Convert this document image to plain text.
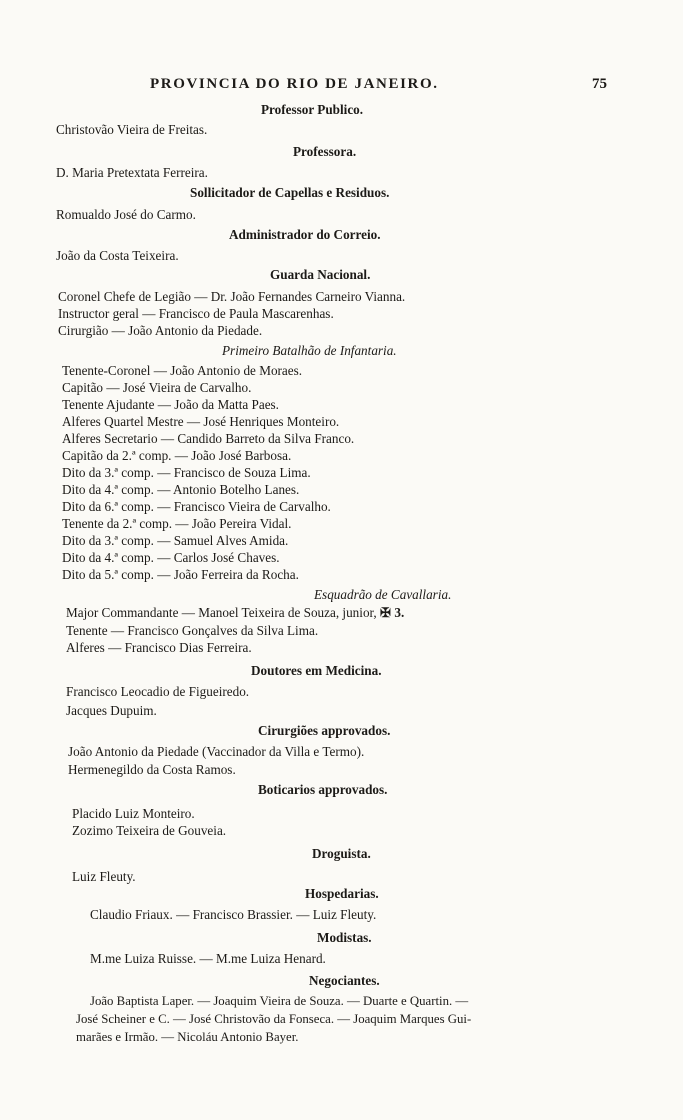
PROVINCIA DO RIO DE JANEIRO.	75
Professor Publico.
Christovão Vieira de Freitas.
Professora.
D. Maria Pretextata Ferreira.
Sollicitador de Capellas e Residuos.
Romualdo José do Carmo.
Administrador do Correio.
João da Costa Teixeira.
Guarda Nacional.
Coronel Chefe de Legião — Dr. João Fernandes Carneiro Vianna.
Instructor geral — Francisco de Paula Mascarenhas.
Cirurgião — João Antonio da Piedade.
Primeiro Batalhão de Infantaria.
Tenente-Coronel — João Antonio de Moraes.
Capitão — José Vieira de Carvalho.
Tenente Ajudante — João da Matta Paes.
Alferes Quartel Mestre — José Henriques Monteiro.
Alferes Secretario — Candido Barreto da Silva Franco.
Capitão da 2.ª comp. — João José Barbosa.
Dito da 3.ª comp. — Francisco de Souza Lima.
Dito da 4.ª comp. — Antonio Botelho Lanes.
Dito da 6.ª comp. — Francisco Vieira de Carvalho.
Tenente da 2.ª comp. — João Pereira Vidal.
Dito da 3.ª comp. — Samuel Alves Amida.
Dito da 4.ª comp. — Carlos José Chaves.
Dito da 5.ª comp. — João Ferreira da Rocha.
Esquadrão de Cavallaria.
Major Commandante — Manoel Teixeira de Souza, junior, ✠ 3.
Tenente — Francisco Gonçalves da Silva Lima.
Alferes — Francisco Dias Ferreira.
Doutores em Medicina.
Francisco Leocadio de Figueiredo.
Jacques Dupuim.
Cirurgiões approvados.
João Antonio da Piedade (Vaccinador da Villa e Termo).
Hermenegildo da Costa Ramos.
Boticarios approvados.
Placido Luiz Monteiro.
Zozimo Teixeira de Gouveia.
Droguista.
Luiz Fleuty.
Hospedarias.
Claudio Friaux. — Francisco Brassier. — Luiz Fleuty.
Modistas.
M.me Luiza Ruisse. — M.me Luiza Henard.
Negociantes.
João Baptista Laper. — Joaquim Vieira de Souza. — Duarte e Quartin. —
José Scheiner e C. — José Christovão da Fonseca. — Joaquim Marques Gui-
marães e Irmão. — Nicoláu Antonio Bayer.
